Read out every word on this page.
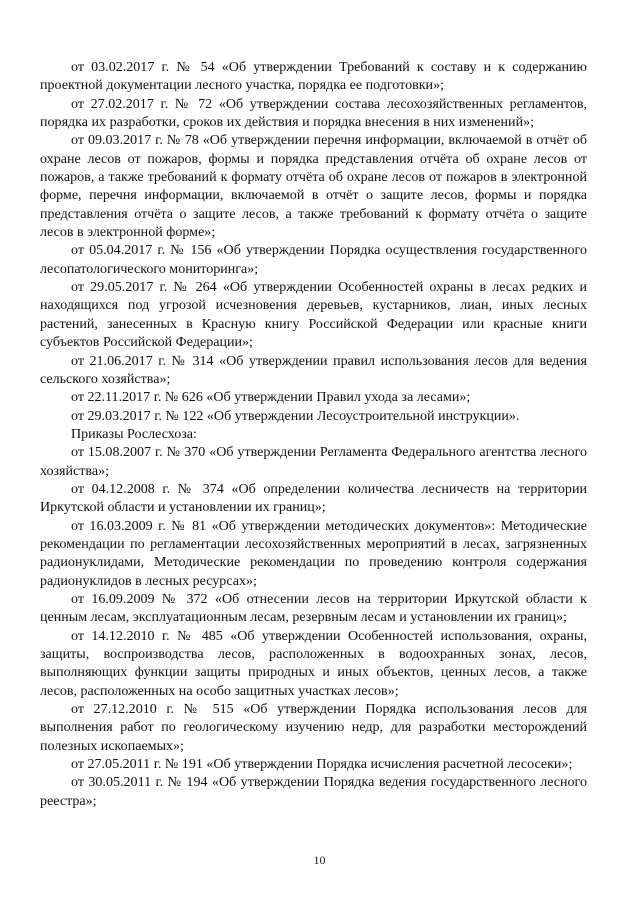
от 03.02.2017 г. № 54 «Об утверждении Требований к составу и к содержанию проектной документации лесного участка, порядка ее подготовки»;

от 27.02.2017 г. № 72 «Об утверждении состава лесохозяйственных регламентов, порядка их разработки, сроков их действия и порядка внесения в них изменений»;

от 09.03.2017 г. № 78 «Об утверждении перечня информации, включаемой в отчёт об охране лесов от пожаров, формы и порядка представления отчёта об охране лесов от пожаров, а также требований к формату отчёта об охране лесов от пожаров в электронной форме, перечня информации, включаемой в отчёт о защите лесов, формы и порядка представления отчёта о защите лесов, а также требований к формату отчёта о защите лесов в электронной форме»;

от 05.04.2017 г. № 156 «Об утверждении Порядка осуществления государственного лесопатологического мониторинга»;

от 29.05.2017 г. № 264 «Об утверждении Особенностей охраны в лесах редких и находящихся под угрозой исчезновения деревьев, кустарников, лиан, иных лесных растений, занесенных в Красную книгу Российской Федерации или красные книги субъектов Российской Федерации»;

от 21.06.2017 г. № 314 «Об утверждении правил использования лесов для ведения сельского хозяйства»;

от 22.11.2017 г. № 626 «Об утверждении Правил ухода за лесами»;

от 29.03.2017 г. № 122 «Об утверждении Лесоустроительной инструкции».

Приказы Рослесхоза:

от 15.08.2007 г. № 370 «Об утверждении Регламента Федерального агентства лесного хозяйства»;

от 04.12.2008 г. № 374 «Об определении количества лесничеств на территории Иркутской области и установлении их границ»;

от 16.03.2009 г. № 81 «Об утверждении методических документов»: Методические рекомендации по регламентации лесохозяйственных мероприятий в лесах, загрязненных радионуклидами, Методические рекомендации по проведению контроля содержания радионуклидов в лесных ресурсах»;

от 16.09.2009 № 372 «Об отнесении лесов на территории Иркутской области к ценным лесам, эксплуатационным лесам, резервным лесам и установлении их границ»;

от 14.12.2010 г. № 485 «Об утверждении Особенностей использования, охраны, защиты, воспроизводства лесов, расположенных в водоохранных зонах, лесов, выполняющих функции защиты природных и иных объектов, ценных лесов, а также лесов, расположенных на особо защитных участках лесов»;

от 27.12.2010 г. № 515 «Об утверждении Порядка использования лесов для выполнения работ по геологическому изучению недр, для разработки месторождений полезных ископаемых»;

от 27.05.2011 г. № 191 «Об утверждении Порядка исчисления расчетной лесосеки»;

от 30.05.2011 г. № 194 «Об утверждении Порядка ведения государственного лесного реестра»;

10
